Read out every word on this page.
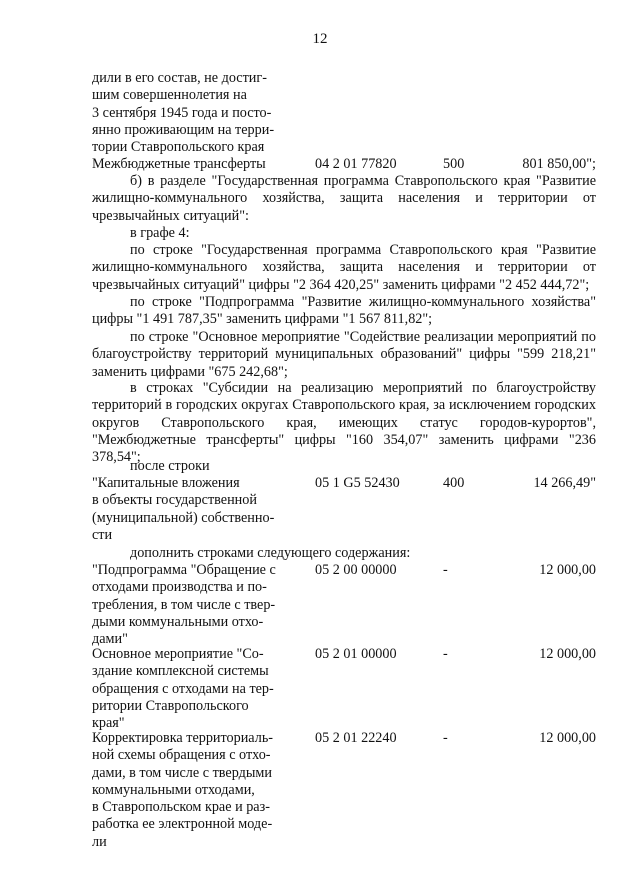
12
дили в его состав, не достиг-
шим совершеннолетия на
3 сентября 1945 года и посто-
янно проживающим на терри-
тории Ставропольского края
Межбюджетные трансферты	04 2 01 77820	500	801 850,00";
б) в разделе "Государственная программа Ставропольского края "Развитие жилищно-коммунального хозяйства, защита населения и территории от чрезвычайных ситуаций":
в графе 4:
по строке "Государственная программа Ставропольского края "Развитие жилищно-коммунального хозяйства, защита населения и территории от чрезвычайных ситуаций" цифры "2 364 420,25" заменить цифрами "2 452 444,72";
по строке "Подпрограмма "Развитие жилищно-коммунального хозяйства" цифры "1 491 787,35" заменить цифрами "1 567 811,82";
по строке "Основное мероприятие "Содействие реализации мероприятий по благоустройству территорий муниципальных образований" цифры "599 218,21" заменить цифрами "675 242,68";
в строках "Субсидии на реализацию мероприятий по благоустройству территорий в городских округах Ставропольского края, за исключением городских округов Ставропольского края, имеющих статус городов-курортов", "Межбюджетные трансферты" цифры "160 354,07" заменить цифрами "236 378,54";
после строки
"Капитальные вложения
в объекты государственной
(муниципальной) собственно-
сти
05 1 G5 52430	400	14 266,49"
дополнить строками следующего содержания:
"Подпрограмма "Обращение с
отходами производства и по-
требления, в том числе с твер-
дыми коммунальными отхо-
дами"
05 2 00 00000	-	12 000,00
Основное мероприятие "Со-
здание комплексной системы
обращения с отходами на тер-
ритории Ставропольского
края"
05 2 01 00000	-	12 000,00
Корректировка территориаль-
ной схемы обращения с отхо-
дами, в том числе с твердыми
коммунальными отходами,
в Ставропольском крае и раз-
работка ее электронной моде-
ли
05 2 01 22240	-	12 000,00
